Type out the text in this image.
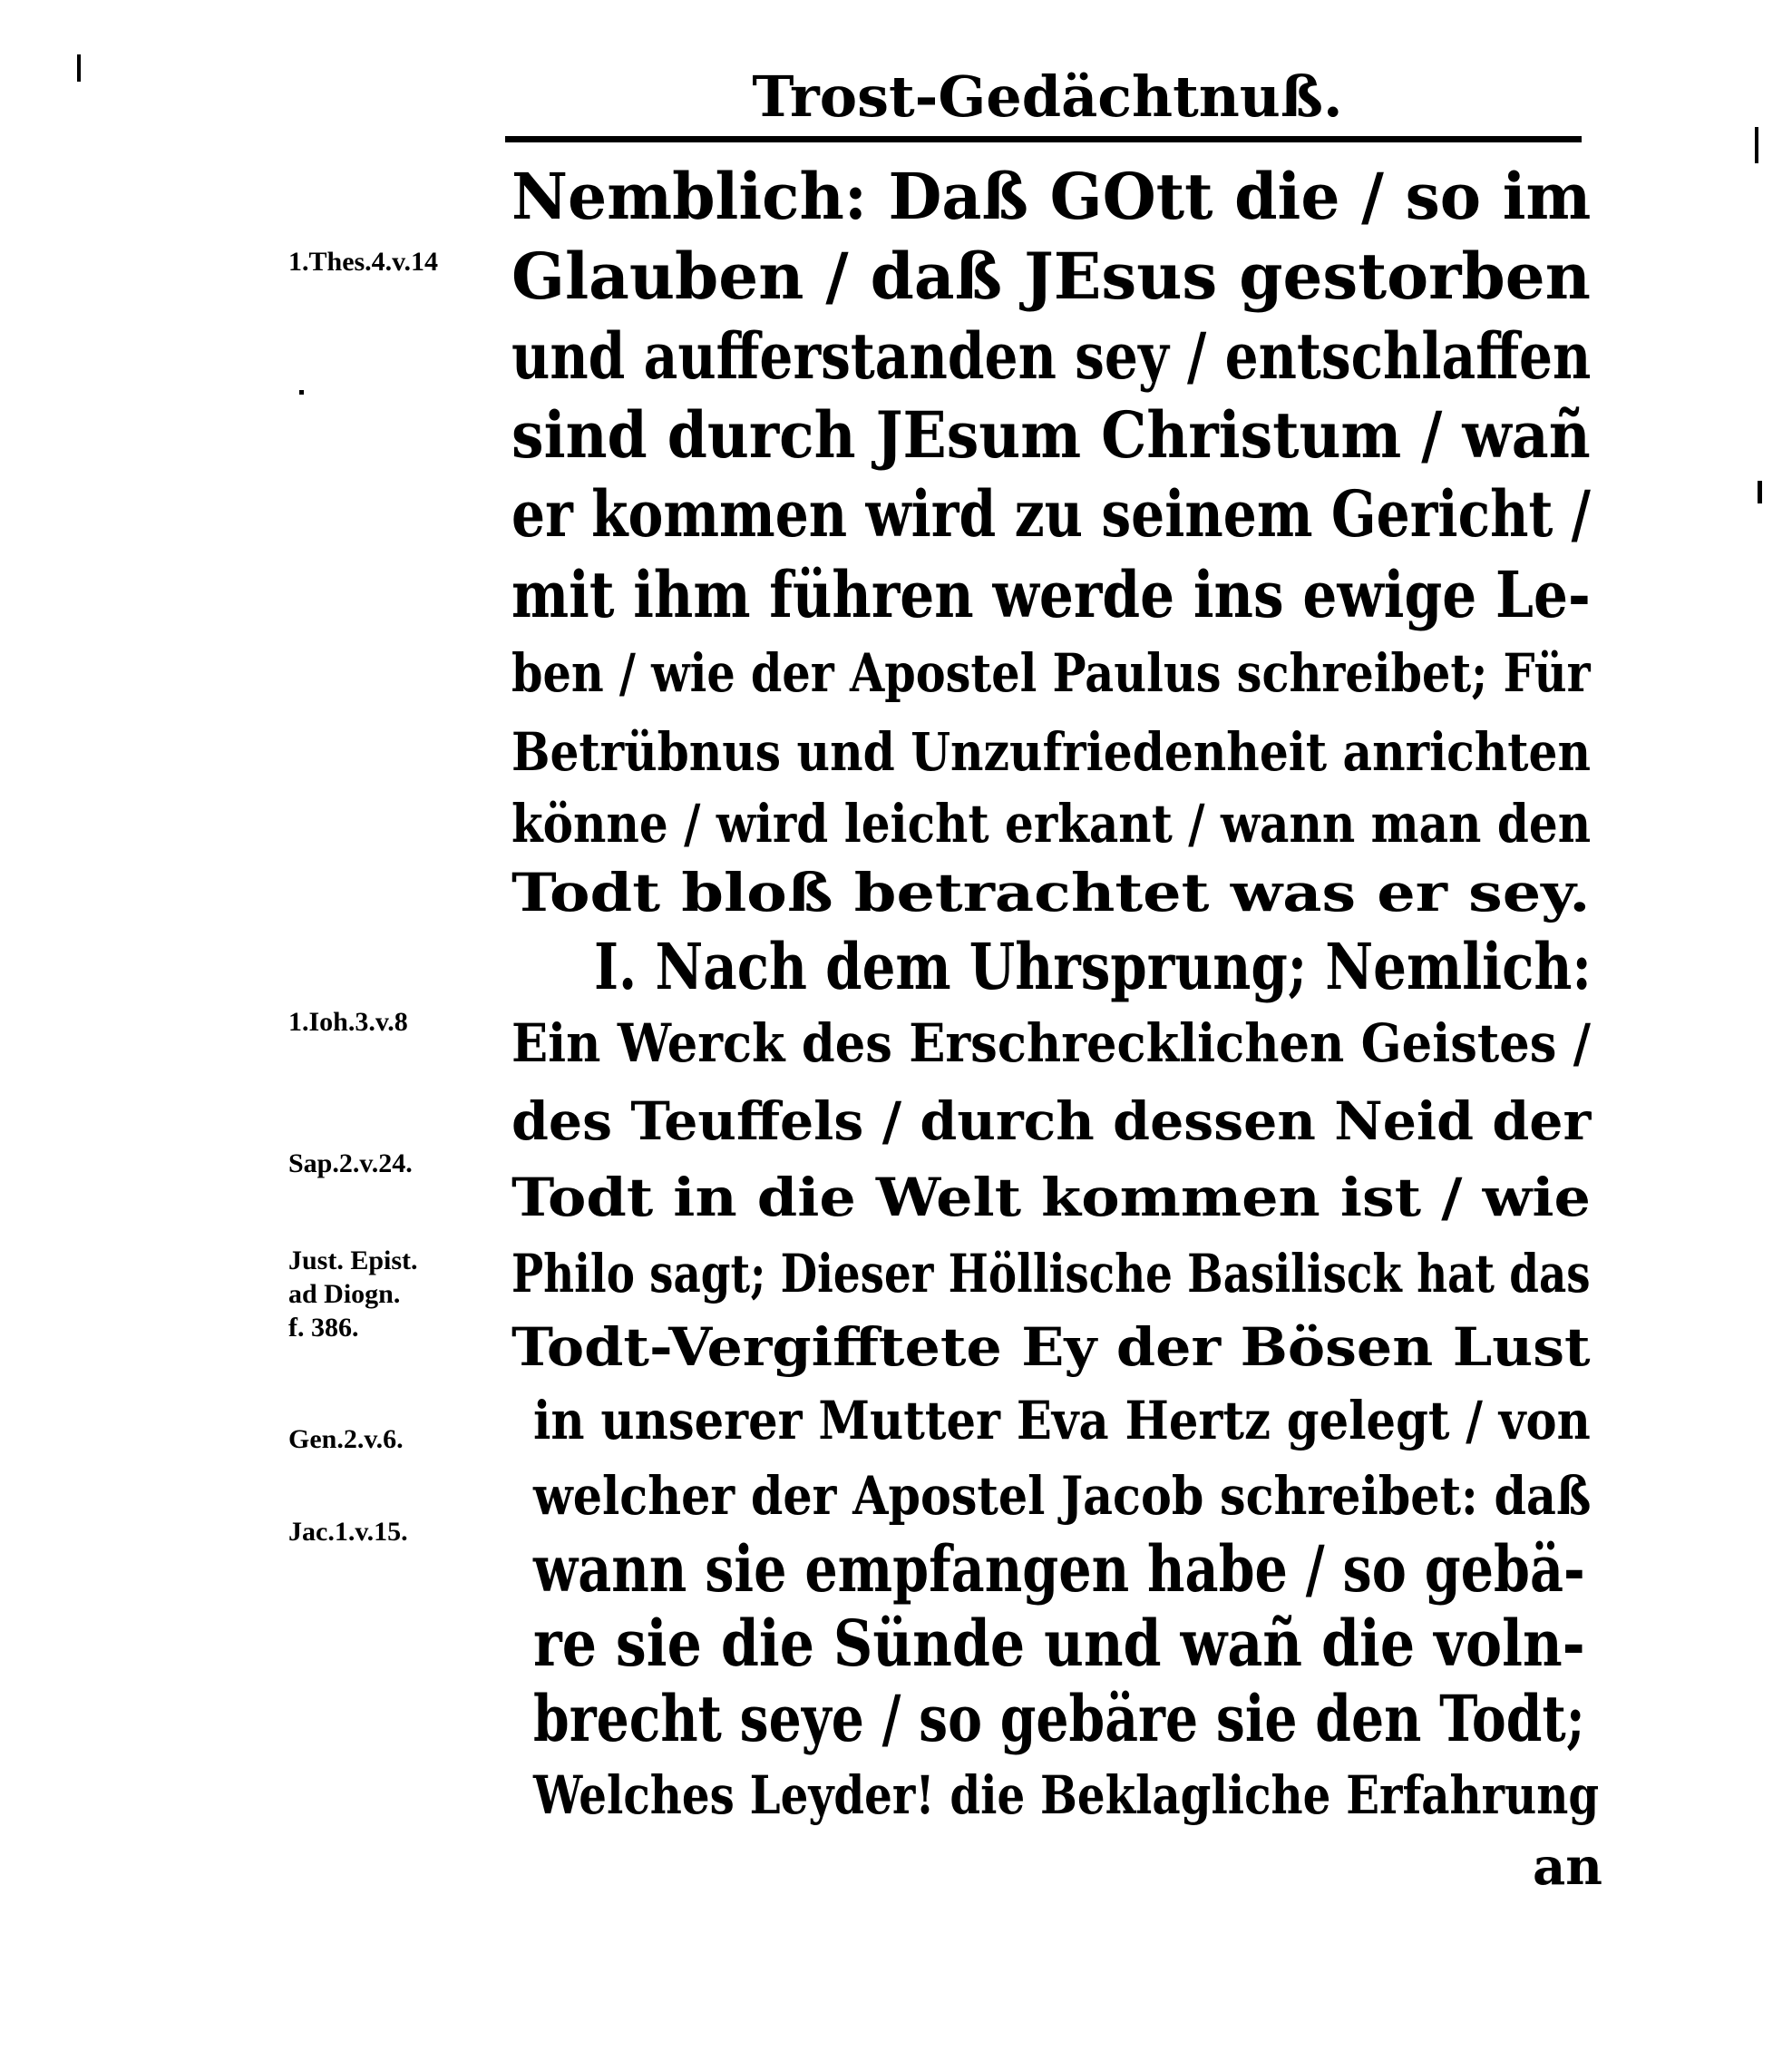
Trost-Gedächtnuß.
Nemblich: Daß GOtt die / so im
Glauben / daß JEsus gestorben
und aufferstanden sey / entschlaffen
sind durch JEsum Christum / wañ
er kommen wird zu seinem Gericht /
mit ihm führen werde ins ewige Le-
ben / wie der Apostel Paulus schreibet; Für
Betrübnus und Unzufriedenheit anrichten
könne / wird leicht erkant / wann man den
Todt bloß betrachtet was er sey.
I. Nach dem Uhrsprung; Nemlich:
Ein Werck des Erschrecklichen Geistes /
des Teuffels / durch dessen Neid der
Todt in die Welt kommen ist / wie
Philo sagt; Dieser Höllische Basilisck hat das
Todt-Vergifftete Ey der Bösen Lust
in unserer Mutter Eva Hertz gelegt / von
welcher der Apostel Jacob schreibet: daß
wann sie empfangen habe / so gebä-
re sie die Sünde und wañ die voln-
brecht seye / so gebäre sie den Todt;
Welches Leyder! die Beklagliche Erfahrung
an
1.Thes.4.v.14
1.Ioh.3.v.8
Sap.2.v.24.
Just. Epist.
ad Diogn.
f. 386.
Gen.2.v.6.
Jac.1.v.15.
